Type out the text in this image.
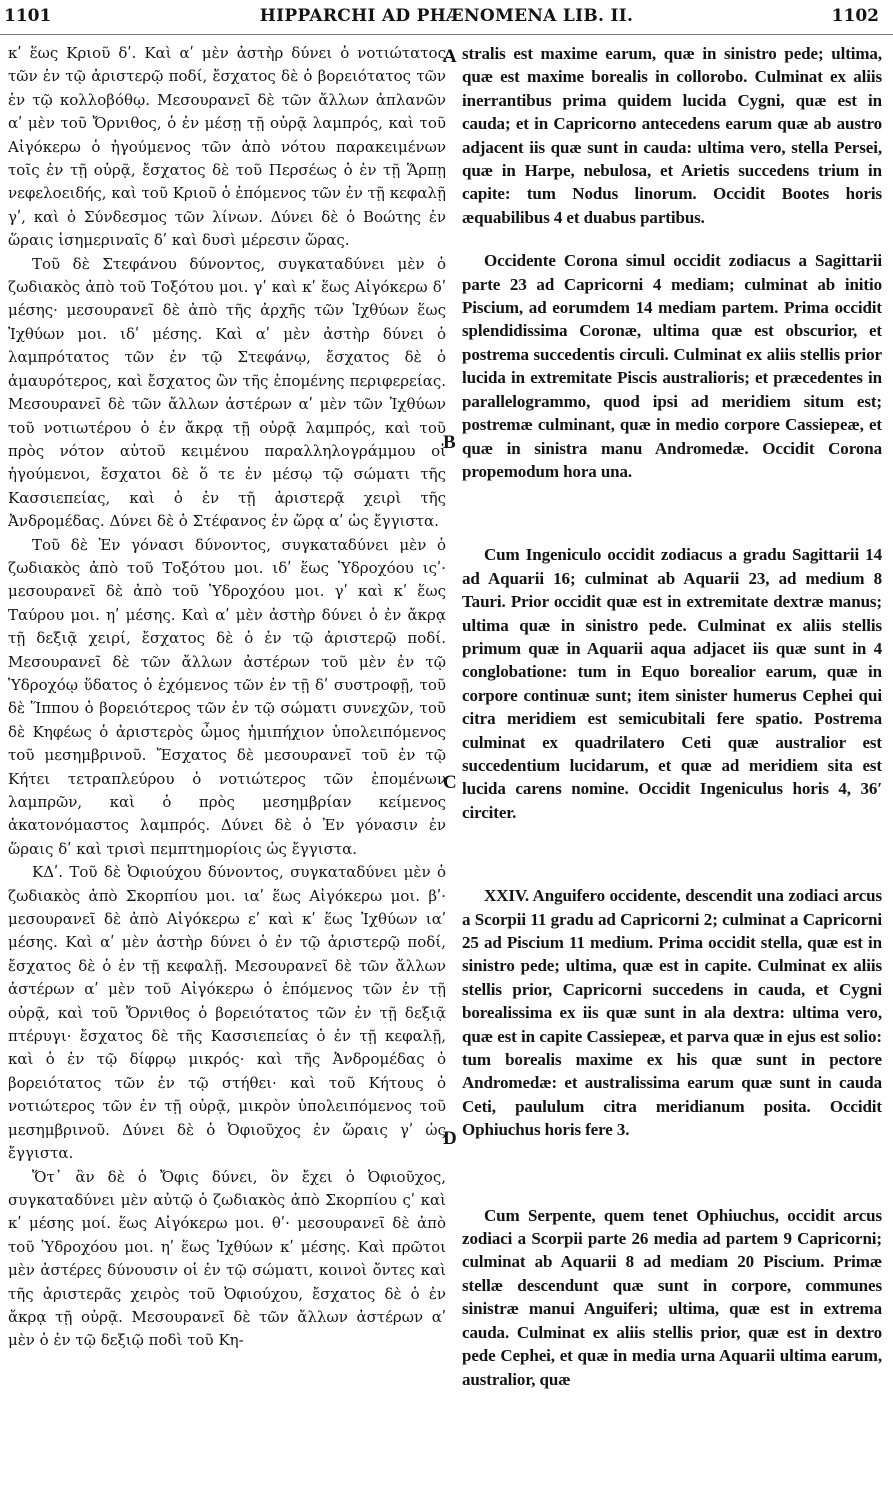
1101	HIPPARCHI AD PHÆNOMENA LIB. II.	1102

κʹ ἕως Κριοῦ δʹ. Καὶ αʹ μὲν ἀστὴρ δύνει ὁ νοτιώτατος τῶν ἐν τῷ ἀριστερῷ ποδί, ἔσχατος δὲ ὁ βορειότατος τῶν ἐν τῷ κολλοβόθῳ. Μεσουρανεῖ δὲ τῶν ἄλλων ἀπλανῶν αʹ μὲν τοῦ Ὄρνιθος, ὁ ἐν μέσῃ τῇ οὐρᾷ λαμπρός, καὶ τοῦ Αἰγόκερω ὁ ἡγούμενος τῶν ἀπὸ νότου παρακειμένων τοῖς ἐν τῇ οὐρᾷ, ἔσχατος δὲ τοῦ Περσέως ὁ ἐν τῇ Ἅρπῃ νεφελοειδής, καὶ τοῦ Κριοῦ ὁ ἑπόμενος τῶν ἐν τῇ κεφαλῇ γʹ, καὶ ὁ Σύνδεσμος τῶν λίνων. Δύνει δὲ ὁ Βοώτης ἐν ὥραις ἰσημεριναῖς δʹ καὶ δυσὶ μέρεσιν ὥρας.

Τοῦ δὲ Στεφάνου δύνοντος, συγκαταδύνει μὲν ὁ ζωδιακὸς ἀπὸ τοῦ Τοξότου μοι. γʹ καὶ κʹ ἕως Αἰγόκερω δʹ μέσης· μεσουρανεῖ δὲ ἀπὸ τῆς ἀρχῆς τῶν Ἰχθύων ἕως Ἰχθύων μοι. ιδʹ μέσης. Καὶ αʹ μὲν ἀστὴρ δύνει ὁ λαμπρότατος τῶν ἐν τῷ Στεφάνῳ, ἔσχατος δὲ ὁ ἀμαυρότερος, καὶ ἔσχατος ὢν τῆς ἑπομένης περιφερείας. Μεσουρανεῖ δὲ τῶν ἄλλων ἀστέρων αʹ μὲν τῶν Ἰχθύων τοῦ νοτιωτέρου ὁ ἐν ἄκρᾳ τῇ οὐρᾷ λαμπρός, καὶ τοῦ πρὸς νότον αὐτοῦ κειμένου παραλληλογράμμου οἱ ἡγούμενοι, ἔσχατοι δὲ ὅ τε ἐν μέσῳ τῷ σώματι τῆς Κασσιεπείας, καὶ ὁ ἐν τῇ ἀριστερᾷ χειρὶ τῆς Ἀνδρομέδας. Δύνει δὲ ὁ Στέφανος ἐν ὥρᾳ αʹ ὡς ἔγγιστα.

Τοῦ δὲ Ἐν γόνασι δύνοντος, συγκαταδύνει μὲν ὁ ζωδιακὸς ἀπὸ τοῦ Τοξότου μοι. ιδʹ ἕως Ὑδροχόου ιςʹ· μεσουρανεῖ δὲ ἀπὸ τοῦ Ὑδροχόου μοι. γʹ καὶ κʹ ἕως Ταύρου μοι. ηʹ μέσης. Καὶ αʹ μὲν ἀστὴρ δύνει ὁ ἐν ἄκρᾳ τῇ δεξιᾷ χειρί, ἔσχατος δὲ ὁ ἐν τῷ ἀριστερῷ ποδί. Μεσουρανεῖ δὲ τῶν ἄλλων ἀστέρων τοῦ μὲν ἐν τῷ Ὑδροχόῳ ὕδατος ὁ ἐχόμενος τῶν ἐν τῇ δʹ συστροφῇ, τοῦ δὲ Ἵππου ὁ βορειότερος τῶν ἐν τῷ σώματι συνεχῶν, τοῦ δὲ Κηφέως ὁ ἀριστερὸς ὦμος ἡμιπήχιον ὑπολειπόμενος τοῦ μεσημβρινοῦ. Ἔσχατος δὲ μεσουρανεῖ τοῦ ἐν τῷ Κήτει τετραπλεύρου ὁ νοτιώτερος τῶν ἑπομένων λαμπρῶν, καὶ ὁ πρὸς μεσημβρίαν κείμενος ἀκατονόμαστος λαμπρός. Δύνει δὲ ὁ Ἐν γόνασιν ἐν ὥραις δʹ καὶ τρισὶ πεμπτημορίοις ὡς ἔγγιστα.

ΚΔʹ. Τοῦ δὲ Ὀφιούχου δύνοντος, συγκαταδύνει μὲν ὁ ζωδιακὸς ἀπὸ Σκορπίου μοι. ιαʹ ἕως Αἰγόκερω μοι. βʹ· μεσουρανεῖ δὲ ἀπὸ Αἰγόκερω εʹ καὶ κʹ ἕως Ἰχθύων ιαʹ μέσης. Καὶ αʹ μὲν ἀστὴρ δύνει ὁ ἐν τῷ ἀριστερῷ ποδί, ἔσχατος δὲ ὁ ἐν τῇ κεφαλῇ. Μεσουρανεῖ δὲ τῶν ἄλλων ἀστέρων αʹ μὲν τοῦ Αἰγόκερω ὁ ἑπόμενος τῶν ἐν τῇ οὐρᾷ, καὶ τοῦ Ὄρνιθος ὁ βορειότατος τῶν ἐν τῇ δεξιᾷ πτέρυγι· ἔσχατος δὲ τῆς Κασσιεπείας ὁ ἐν τῇ κεφαλῇ, καὶ ὁ ἐν τῷ δίφρῳ μικρός· καὶ τῆς Ἀνδρομέδας ὁ βορειότατος τῶν ἐν τῷ στήθει· καὶ τοῦ Κήτους ὁ νοτιώτερος τῶν ἐν τῇ οὐρᾷ, μικρὸν ὑπολειπόμενος τοῦ μεσημβρινοῦ. Δύνει δὲ ὁ Ὀφιοῦχος ἐν ὥραις γʹ ὡς ἔγγιστα.

Ὅτ᾽ ἂν δὲ ὁ Ὄφις δύνει, ὃν ἔχει ὁ Ὀφιοῦχος, συγκαταδύνει μὲν αὐτῷ ὁ ζωδιακὸς ἀπὸ Σκορπίου ςʹ καὶ κʹ μέσης μοί. ἕως Αἰγόκερω μοι. θʹ· μεσουρανεῖ δὲ ἀπὸ τοῦ Ὑδροχόου μοι. ηʹ ἕως Ἰχθύων κʹ μέσης. Καὶ πρῶτοι μὲν ἀστέρες δύνουσιν οἱ ἐν τῷ σώματι, κοινοὶ ὄντες καὶ τῆς ἀριστερᾶς χειρὸς τοῦ Ὀφιούχου, ἔσχατος δὲ ὁ ἐν ἄκρᾳ τῇ οὐρᾷ. Μεσουρανεῖ δὲ τῶν ἄλλων ἀστέρων αʹ μὲν ὁ ἐν τῷ δεξιῷ ποδὶ τοῦ Κη-

A
B
C
D

stralis est maxime earum, quæ in sinistro pede; ultima, quæ est maxime borealis in collorobo. Culminat ex aliis inerrantibus prima quidem lucida Cygni, quæ est in cauda; et in Capricorno antecedens earum quæ ab austro adjacent iis quæ sunt in cauda: ultima vero, stella Persei, quæ in Harpe, nebulosa, et Arietis succedens trium in capite: tum Nodus linorum. Occidit Bootes horis æquabilibus 4 et duabus partibus.

Occidente Corona simul occidit zodiacus a Sagittarii parte 23 ad Capricorni 4 mediam; culminat ab initio Piscium, ad eorumdem 14 mediam partem. Prima occidit splendidissima Coronæ, ultima quæ est obscurior, et postrema succedentis circuli. Culminat ex aliis stellis prior lucida in extremitate Piscis australioris; et præcedentes in parallelogrammo, quod ipsi ad meridiem situm est; postremæ culminant, quæ in medio corpore Cassiepeæ, et quæ in sinistra manu Andromedæ. Occidit Corona propemodum hora una.

Cum Ingeniculo occidit zodiacus a gradu Sagittarii 14 ad Aquarii 16; culminat ab Aquarii 23, ad medium 8 Tauri. Prior occidit quæ est in extremitate dextræ manus; ultima quæ in sinistro pede. Culminat ex aliis stellis primum quæ in Aquarii aqua adjacet iis quæ sunt in 4 conglobatione: tum in Equo borealior earum, quæ in corpore continuæ sunt; item sinister humerus Cephei qui citra meridiem est semicubitali fere spatio. Postrema culminat ex quadrilatero Ceti quæ australior est succedentium lucidarum, et quæ ad meridiem sita est lucida carens nomine. Occidit Ingeniculus horis 4, 36′ circiter.

XXIV. Anguifero occidente, descendit una zodiaci arcus a Scorpii 11 gradu ad Capricorni 2; culminat a Capricorni 25 ad Piscium 11 medium. Prima occidit stella, quæ est in sinistro pede; ultima, quæ est in capite. Culminat ex aliis stellis prior, Capricorni succedens in cauda, et Cygni borealissima ex iis quæ sunt in ala dextra: ultima vero, quæ est in capite Cassiepeæ, et parva quæ in ejus est solio: tum borealis maxime ex his quæ sunt in pectore Andromedæ: et australissima earum quæ sunt in cauda Ceti, paululum citra meridianum posita. Occidit Ophiuchus horis fere 3.

Cum Serpente, quem tenet Ophiuchus, occidit arcus zodiaci a Scorpii parte 26 media ad partem 9 Capricorni; culminat ab Aquarii 8 ad mediam 20 Piscium. Primæ stellæ descendunt quæ sunt in corpore, communes sinistræ manui Anguiferi; ultima, quæ est in extrema cauda. Culminat ex aliis stellis prior, quæ est in dextro pede Cephei, et quæ in media urna Aquarii ultima earum, australior, quæ
